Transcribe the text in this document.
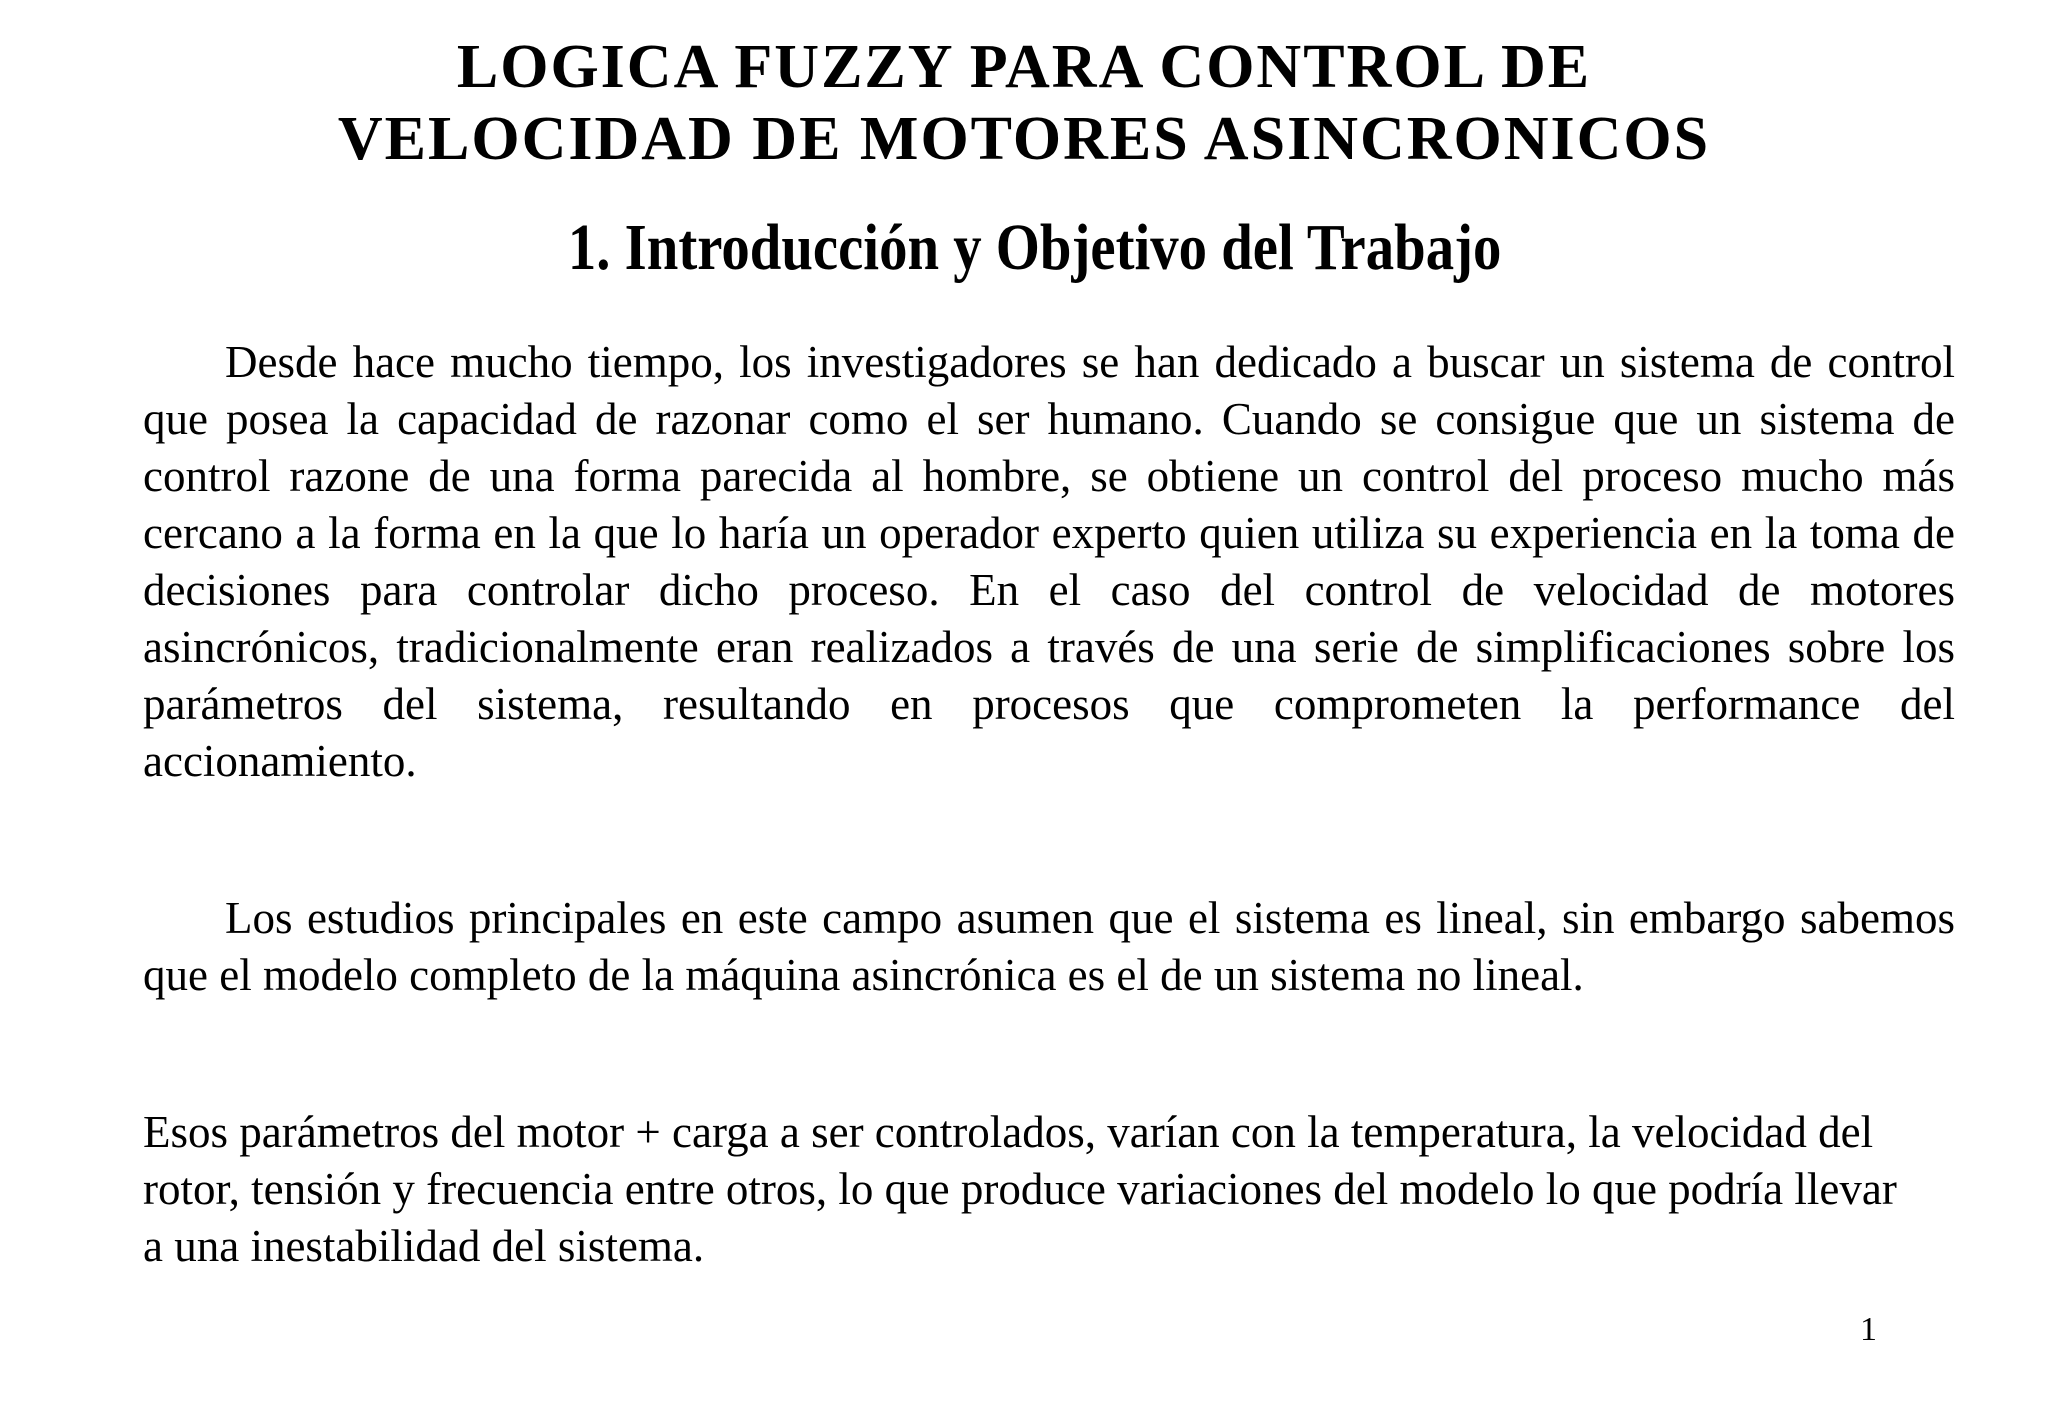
LOGICA FUZZY PARA CONTROL DE
VELOCIDAD DE MOTORES ASINCRONICOS
1. Introducción y Objetivo del Trabajo

Desde hace mucho tiempo, los investigadores se han dedicado a buscar un sistema de control que posea la capacidad de razonar como el ser humano. Cuando se consigue que un sistema de control razone de una forma parecida al hombre, se obtiene un control del proceso mucho más cercano a la forma en la que lo haría un operador experto quien utiliza su experiencia en la toma de decisiones para controlar dicho proceso. En el caso del control de velocidad de motores asincrónicos, tradicionalmente eran realizados a través de una serie de simplificaciones sobre los parámetros del sistema, resultando en procesos que comprometen la performance del accionamiento.

Los estudios principales en este campo asumen que el sistema es lineal, sin embargo sabemos que el modelo completo de la máquina asincrónica es el de un sistema no lineal.

Esos parámetros del motor + carga a ser controlados, varían con la temperatura, la velocidad del rotor, tensión y frecuencia entre otros, lo que produce variaciones del modelo lo que podría llevar a una inestabilidad del sistema.

1
